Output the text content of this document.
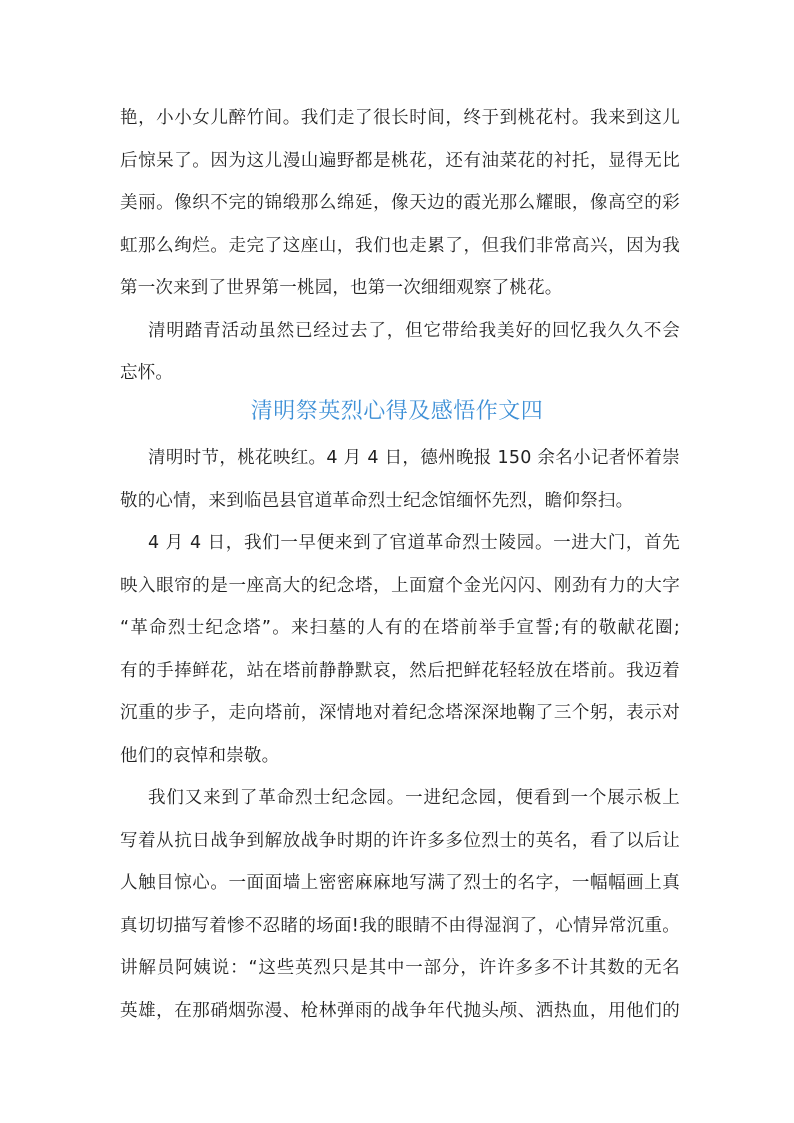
艳，小小女儿醉竹间。我们走了很长时间，终于到桃花村。我来到这儿
后惊呆了。因为这儿漫山遍野都是桃花，还有油菜花的衬托，显得无比
美丽。像织不完的锦缎那么绵延，像天边的霞光那么耀眼，像高空的彩
虹那么绚烂。走完了这座山，我们也走累了，但我们非常高兴，因为我
第一次来到了世界第一桃园，也第一次细细观察了桃花。
清明踏青活动虽然已经过去了，但它带给我美好的回忆我久久不会
忘怀。
清明祭英烈心得及感悟作文四
清明时节，桃花映红。4 月 4 日，德州晚报 150 余名小记者怀着崇
敬的心情，来到临邑县官道革命烈士纪念馆缅怀先烈，瞻仰祭扫。
4 月 4 日，我们一早便来到了官道革命烈士陵园。一进大门，首先
映入眼帘的是一座高大的纪念塔，上面窟个金光闪闪、刚劲有力的大字
“革命烈士纪念塔”。来扫墓的人有的在塔前举手宣誓;有的敬献花圈;
有的手捧鲜花，站在塔前静静默哀，然后把鲜花轻轻放在塔前。我迈着
沉重的步子，走向塔前，深情地对着纪念塔深深地鞠了三个躬，表示对
他们的哀悼和崇敬。
我们又来到了革命烈士纪念园。一进纪念园，便看到一个展示板上
写着从抗日战争到解放战争时期的许许多多位烈士的英名，看了以后让
人触目惊心。一面面墙上密密麻麻地写满了烈士的名字，一幅幅画上真
真切切描写着惨不忍睹的场面!我的眼睛不由得湿润了，心情异常沉重。
讲解员阿姨说：“这些英烈只是其中一部分，许许多多不计其数的无名
英雄，在那硝烟弥漫、枪林弹雨的战争年代抛头颅、洒热血，用他们的
